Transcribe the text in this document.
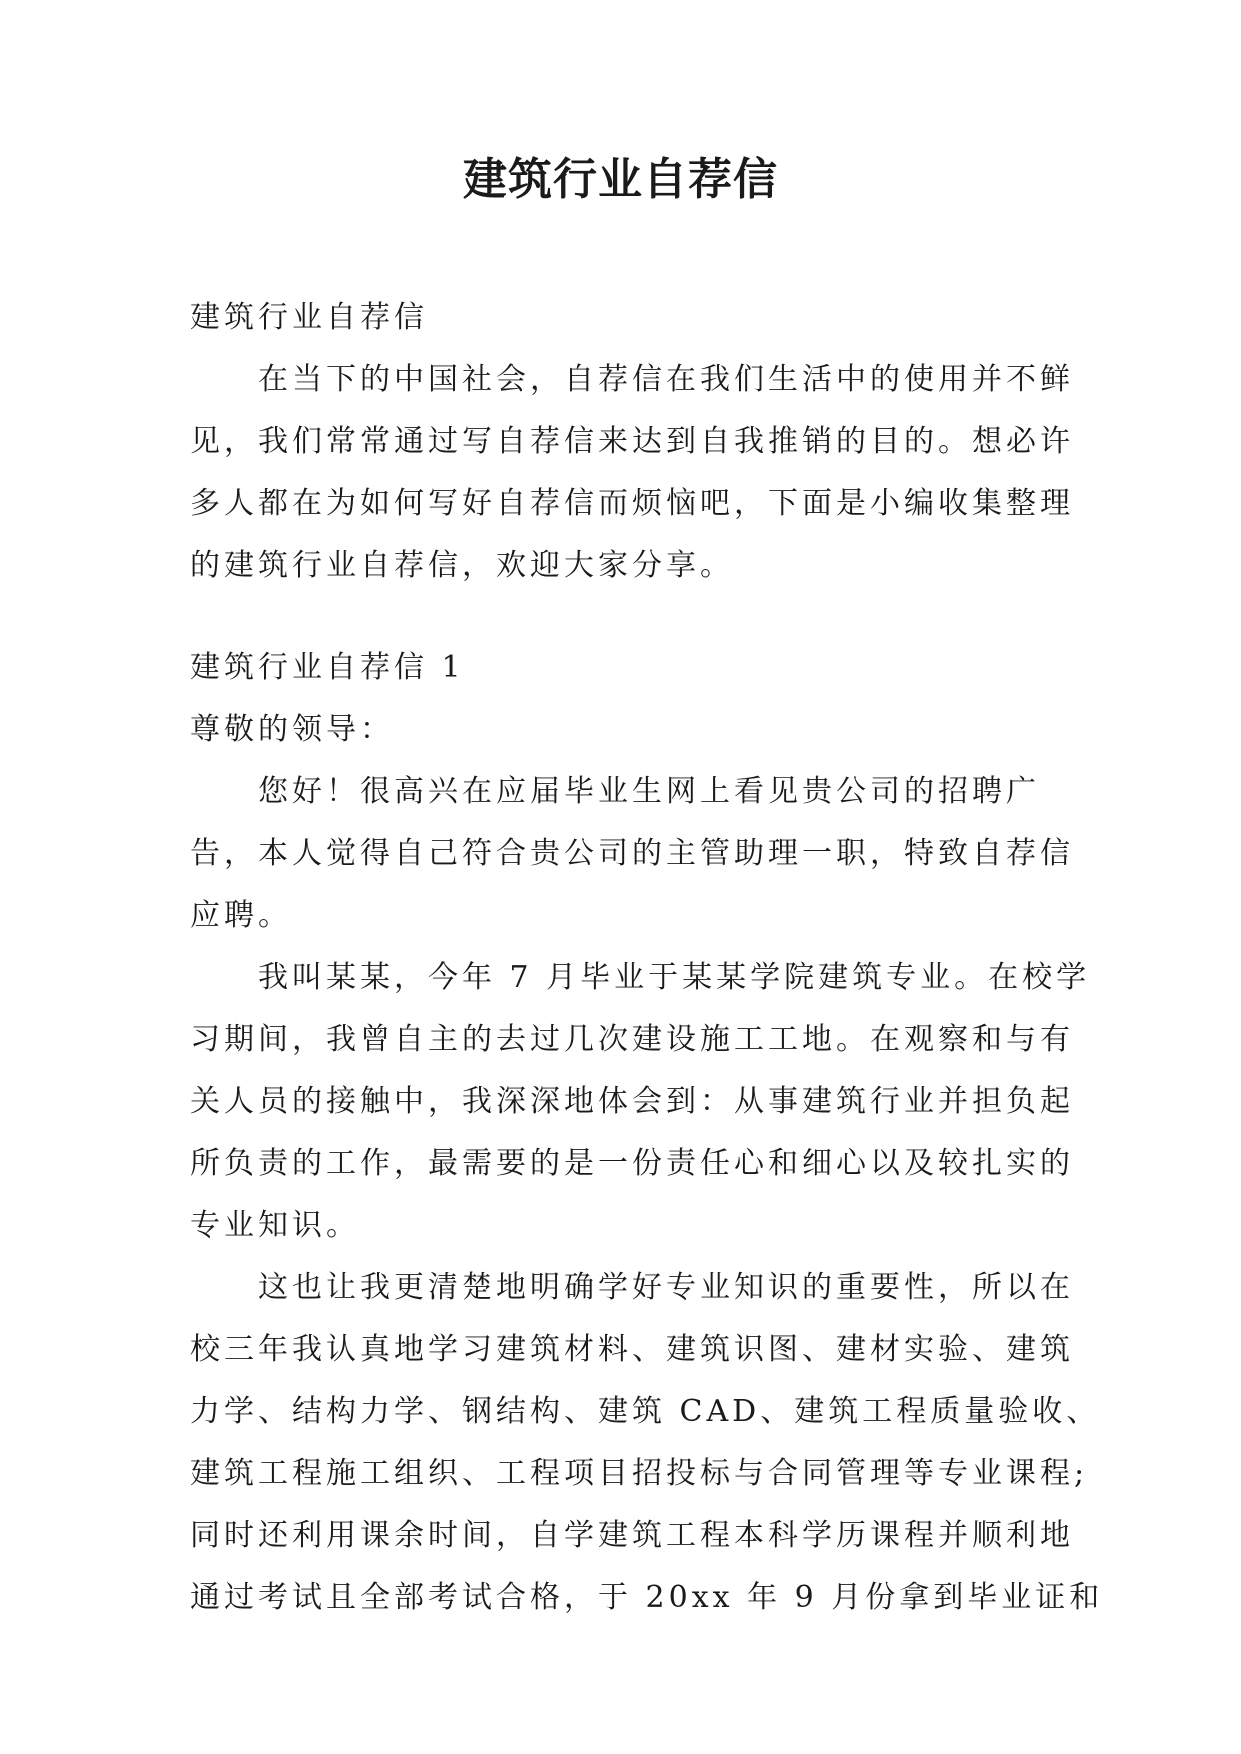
建筑行业自荐信

建筑行业自荐信

在当下的中国社会，自荐信在我们生活中的使用并不鲜

见，我们常常通过写自荐信来达到自我推销的目的。想必许

多人都在为如何写好自荐信而烦恼吧，下面是小编收集整理

的建筑行业自荐信，欢迎大家分享。

建筑行业自荐信 1

尊敬的领导：

您好！很高兴在应届毕业生网上看见贵公司的招聘广

告，本人觉得自己符合贵公司的主管助理一职，特致自荐信

应聘。

我叫某某，今年 7 月毕业于某某学院建筑专业。在校学

习期间，我曾自主的去过几次建设施工工地。在观察和与有

关人员的接触中，我深深地体会到：从事建筑行业并担负起

所负责的工作，最需要的是一份责任心和细心以及较扎实的

专业知识。

这也让我更清楚地明确学好专业知识的重要性，所以在

校三年我认真地学习建筑材料、建筑识图、建材实验、建筑

力学、结构力学、钢结构、建筑 CAD、建筑工程质量验收、

建筑工程施工组织、工程项目招投标与合同管理等专业课程;

同时还利用课余时间，自学建筑工程本科学历课程并顺利地

通过考试且全部考试合格，于 20xx 年 9 月份拿到毕业证和
